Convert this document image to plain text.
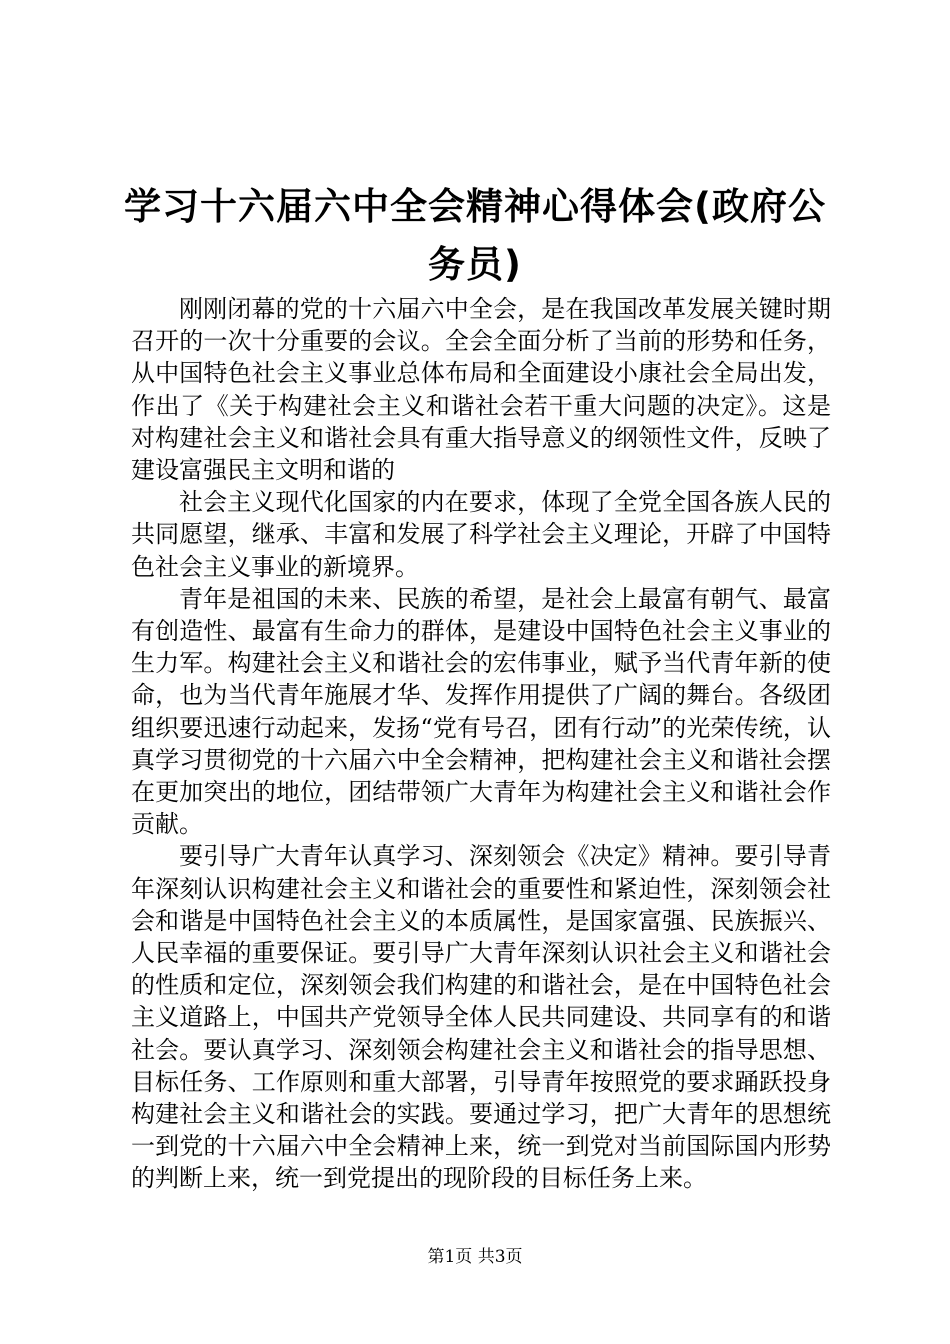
学习十六届六中全会精神心得体会(政府公务员)

刚刚闭幕的党的十六届六中全会，是在我国改革发展关键时期召开的一次十分重要的会议。全会全面分析了当前的形势和任务，从中国特色社会主义事业总体布局和全面建设小康社会全局出发，作出了《关于构建社会主义和谐社会若干重大问题的决定》。这是对构建社会主义和谐社会具有重大指导意义的纲领性文件，反映了建设富强民主文明和谐的

社会主义现代化国家的内在要求，体现了全党全国各族人民的共同愿望，继承、丰富和发展了科学社会主义理论，开辟了中国特色社会主义事业的新境界。

青年是祖国的未来、民族的希望，是社会上最富有朝气、最富有创造性、最富有生命力的群体，是建设中国特色社会主义事业的生力军。构建社会主义和谐社会的宏伟事业，赋予当代青年新的使命，也为当代青年施展才华、发挥作用提供了广阔的舞台。各级团组织要迅速行动起来，发扬“党有号召，团有行动”的光荣传统，认真学习贯彻党的十六届六中全会精神，把构建社会主义和谐社会摆在更加突出的地位，团结带领广大青年为构建社会主义和谐社会作贡献。

要引导广大青年认真学习、深刻领会《决定》精神。要引导青年深刻认识构建社会主义和谐社会的重要性和紧迫性，深刻领会社会和谐是中国特色社会主义的本质属性，是国家富强、民族振兴、人民幸福的重要保证。要引导广大青年深刻认识社会主义和谐社会的性质和定位，深刻领会我们构建的和谐社会，是在中国特色社会主义道路上，中国共产党领导全体人民共同建设、共同享有的和谐社会。要认真学习、深刻领会构建社会主义和谐社会的指导思想、目标任务、工作原则和重大部署，引导青年按照党的要求踊跃投身构建社会主义和谐社会的实践。要通过学习，把广大青年的思想统一到党的十六届六中全会精神上来，统一到党对当前国际国内形势的判断上来，统一到党提出的现阶段的目标任务上来。

第1页 共3页
